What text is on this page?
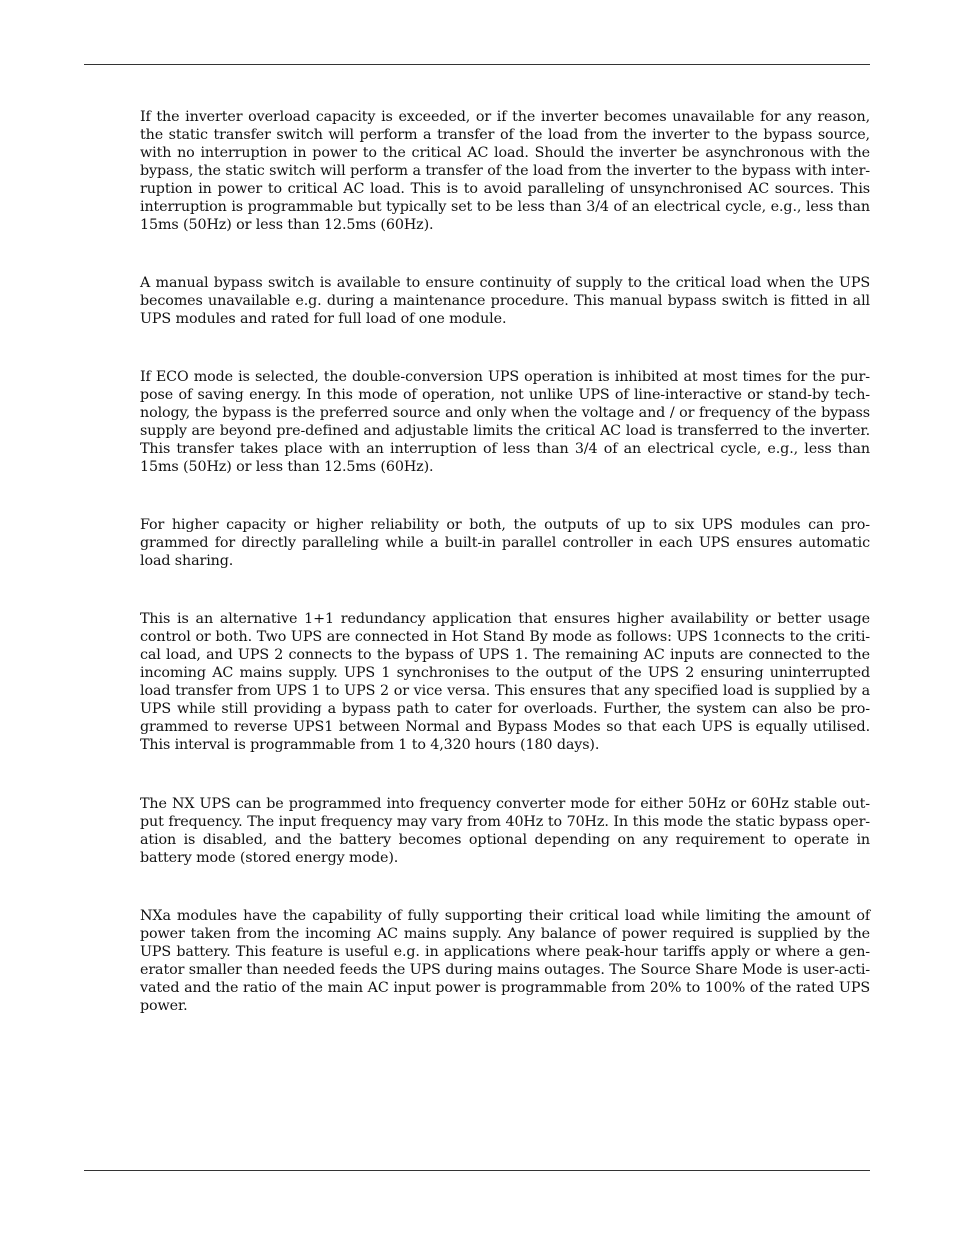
If the inverter overload capacity is exceeded, or if the inverter becomes unavailable for any reason,
the static transfer switch will perform a transfer of the load from the inverter to the bypass source,
with no interruption in power to the critical AC load. Should the inverter be asynchronous with the
bypass, the static switch will perform a transfer of the load from the inverter to the bypass with inter-
ruption in power to critical AC load. This is to avoid paralleling of unsynchronised AC sources. This
interruption is programmable but typically set to be less than 3/4 of an electrical cycle, e.g., less than
15ms (50Hz) or less than 12.5ms (60Hz).

A manual bypass switch is available to ensure continuity of supply to the critical load when the UPS
becomes unavailable e.g. during a maintenance procedure. This manual bypass switch is fitted in all
UPS modules and rated for full load of one module.

If ECO mode is selected, the double-conversion UPS operation is inhibited at most times for the pur-
pose of saving energy. In this mode of operation, not unlike UPS of line-interactive or stand-by tech-
nology, the bypass is the preferred source and only when the voltage and / or frequency of the bypass
supply are beyond pre-defined and adjustable limits the critical AC load is transferred to the inverter.
This transfer takes place with an interruption of less than 3/4 of an electrical cycle, e.g., less than
15ms (50Hz) or less than 12.5ms (60Hz).

For higher capacity or higher reliability or both, the outputs of up to six UPS modules can pro-
grammed for directly paralleling while a built-in parallel controller in each UPS ensures automatic
load sharing.

This is an alternative 1+1 redundancy application that ensures higher availability or better usage
control or both. Two UPS are connected in Hot Stand By mode as follows: UPS 1connects to the criti-
cal load, and UPS 2 connects to the bypass of UPS 1. The remaining AC inputs are connected to the
incoming AC mains supply. UPS 1 synchronises to the output of the UPS 2 ensuring uninterrupted
load transfer from UPS 1 to UPS 2 or vice versa. This ensures that any specified load is supplied by a
UPS while still providing a bypass path to cater for overloads. Further, the system can also be pro-
grammed to reverse UPS1 between Normal and Bypass Modes so that each UPS is equally utilised.
This interval is programmable from 1 to 4,320 hours (180 days).

The NX UPS can be programmed into frequency converter mode for either 50Hz or 60Hz stable out-
put frequency. The input frequency may vary from 40Hz to 70Hz. In this mode the static bypass oper-
ation is disabled, and the battery becomes optional depending on any requirement to operate in
battery mode (stored energy mode).

NXa modules have the capability of fully supporting their critical load while limiting the amount of
power taken from the incoming AC mains supply. Any balance of power required is supplied by the
UPS battery. This feature is useful e.g. in applications where peak-hour tariffs apply or where a gen-
erator smaller than needed feeds the UPS during mains outages. The Source Share Mode is user-acti-
vated and the ratio of the main AC input power is programmable from 20% to 100% of the rated UPS
power.
